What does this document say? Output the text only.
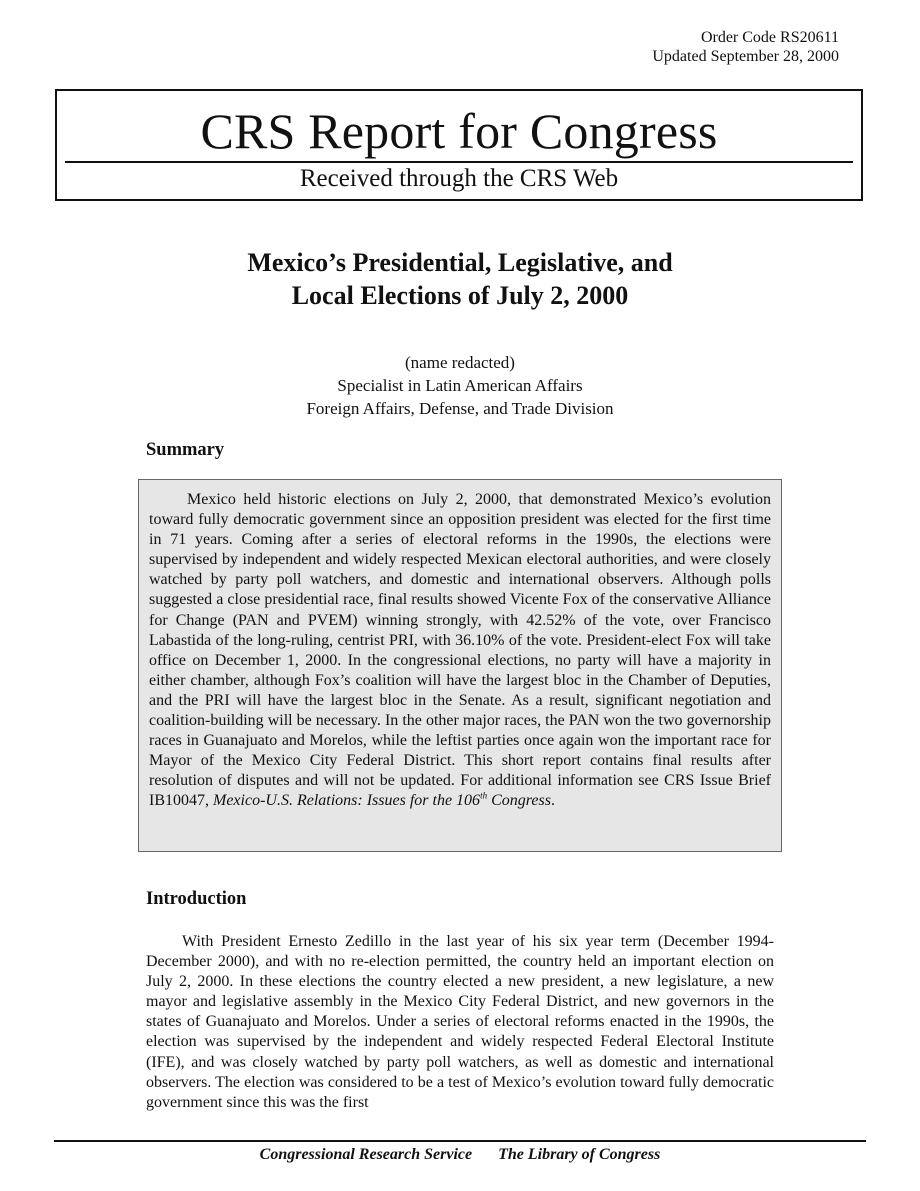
Order Code RS20611
Updated September 28, 2000
CRS Report for Congress
Received through the CRS Web
Mexico’s Presidential, Legislative, and
Local Elections of July 2, 2000
(name redacted)
Specialist in Latin American Affairs
Foreign Affairs, Defense, and Trade Division
Summary

Mexico held historic elections on July 2, 2000, that demonstrated Mexico’s evolution toward fully democratic government since an opposition president was elected for the first time in 71 years. Coming after a series of electoral reforms in the 1990s, the elections were supervised by independent and widely respected Mexican electoral authorities, and were closely watched by party poll watchers, and domestic and international observers. Although polls suggested a close presidential race, final results showed Vicente Fox of the conservative Alliance for Change (PAN and PVEM) winning strongly, with 42.52% of the vote, over Francisco Labastida of the long-ruling, centrist PRI, with 36.10% of the vote. President-elect Fox will take office on December 1, 2000. In the congressional elections, no party will have a majority in either chamber, although Fox’s coalition will have the largest bloc in the Chamber of Deputies, and the PRI will have the largest bloc in the Senate. As a result, significant negotiation and coalition-building will be necessary. In the other major races, the PAN won the two governorship races in Guanajuato and Morelos, while the leftist parties once again won the important race for Mayor of the Mexico City Federal District. This short report contains final results after resolution of disputes and will not be updated. For additional information see CRS Issue Brief IB10047, Mexico-U.S. Relations: Issues for the 106th Congress.

Introduction

With President Ernesto Zedillo in the last year of his six year term (December 1994-December 2000), and with no re-election permitted, the country held an important election on July 2, 2000. In these elections the country elected a new president, a new legislature, a new mayor and legislative assembly in the Mexico City Federal District, and new governors in the states of Guanajuato and Morelos. Under a series of electoral reforms enacted in the 1990s, the election was supervised by the independent and widely respected Federal Electoral Institute (IFE), and was closely watched by party poll watchers, as well as domestic and international observers. The election was considered to be a test of Mexico’s evolution toward fully democratic government since this was the first

Congressional Research Service The Library of Congress
